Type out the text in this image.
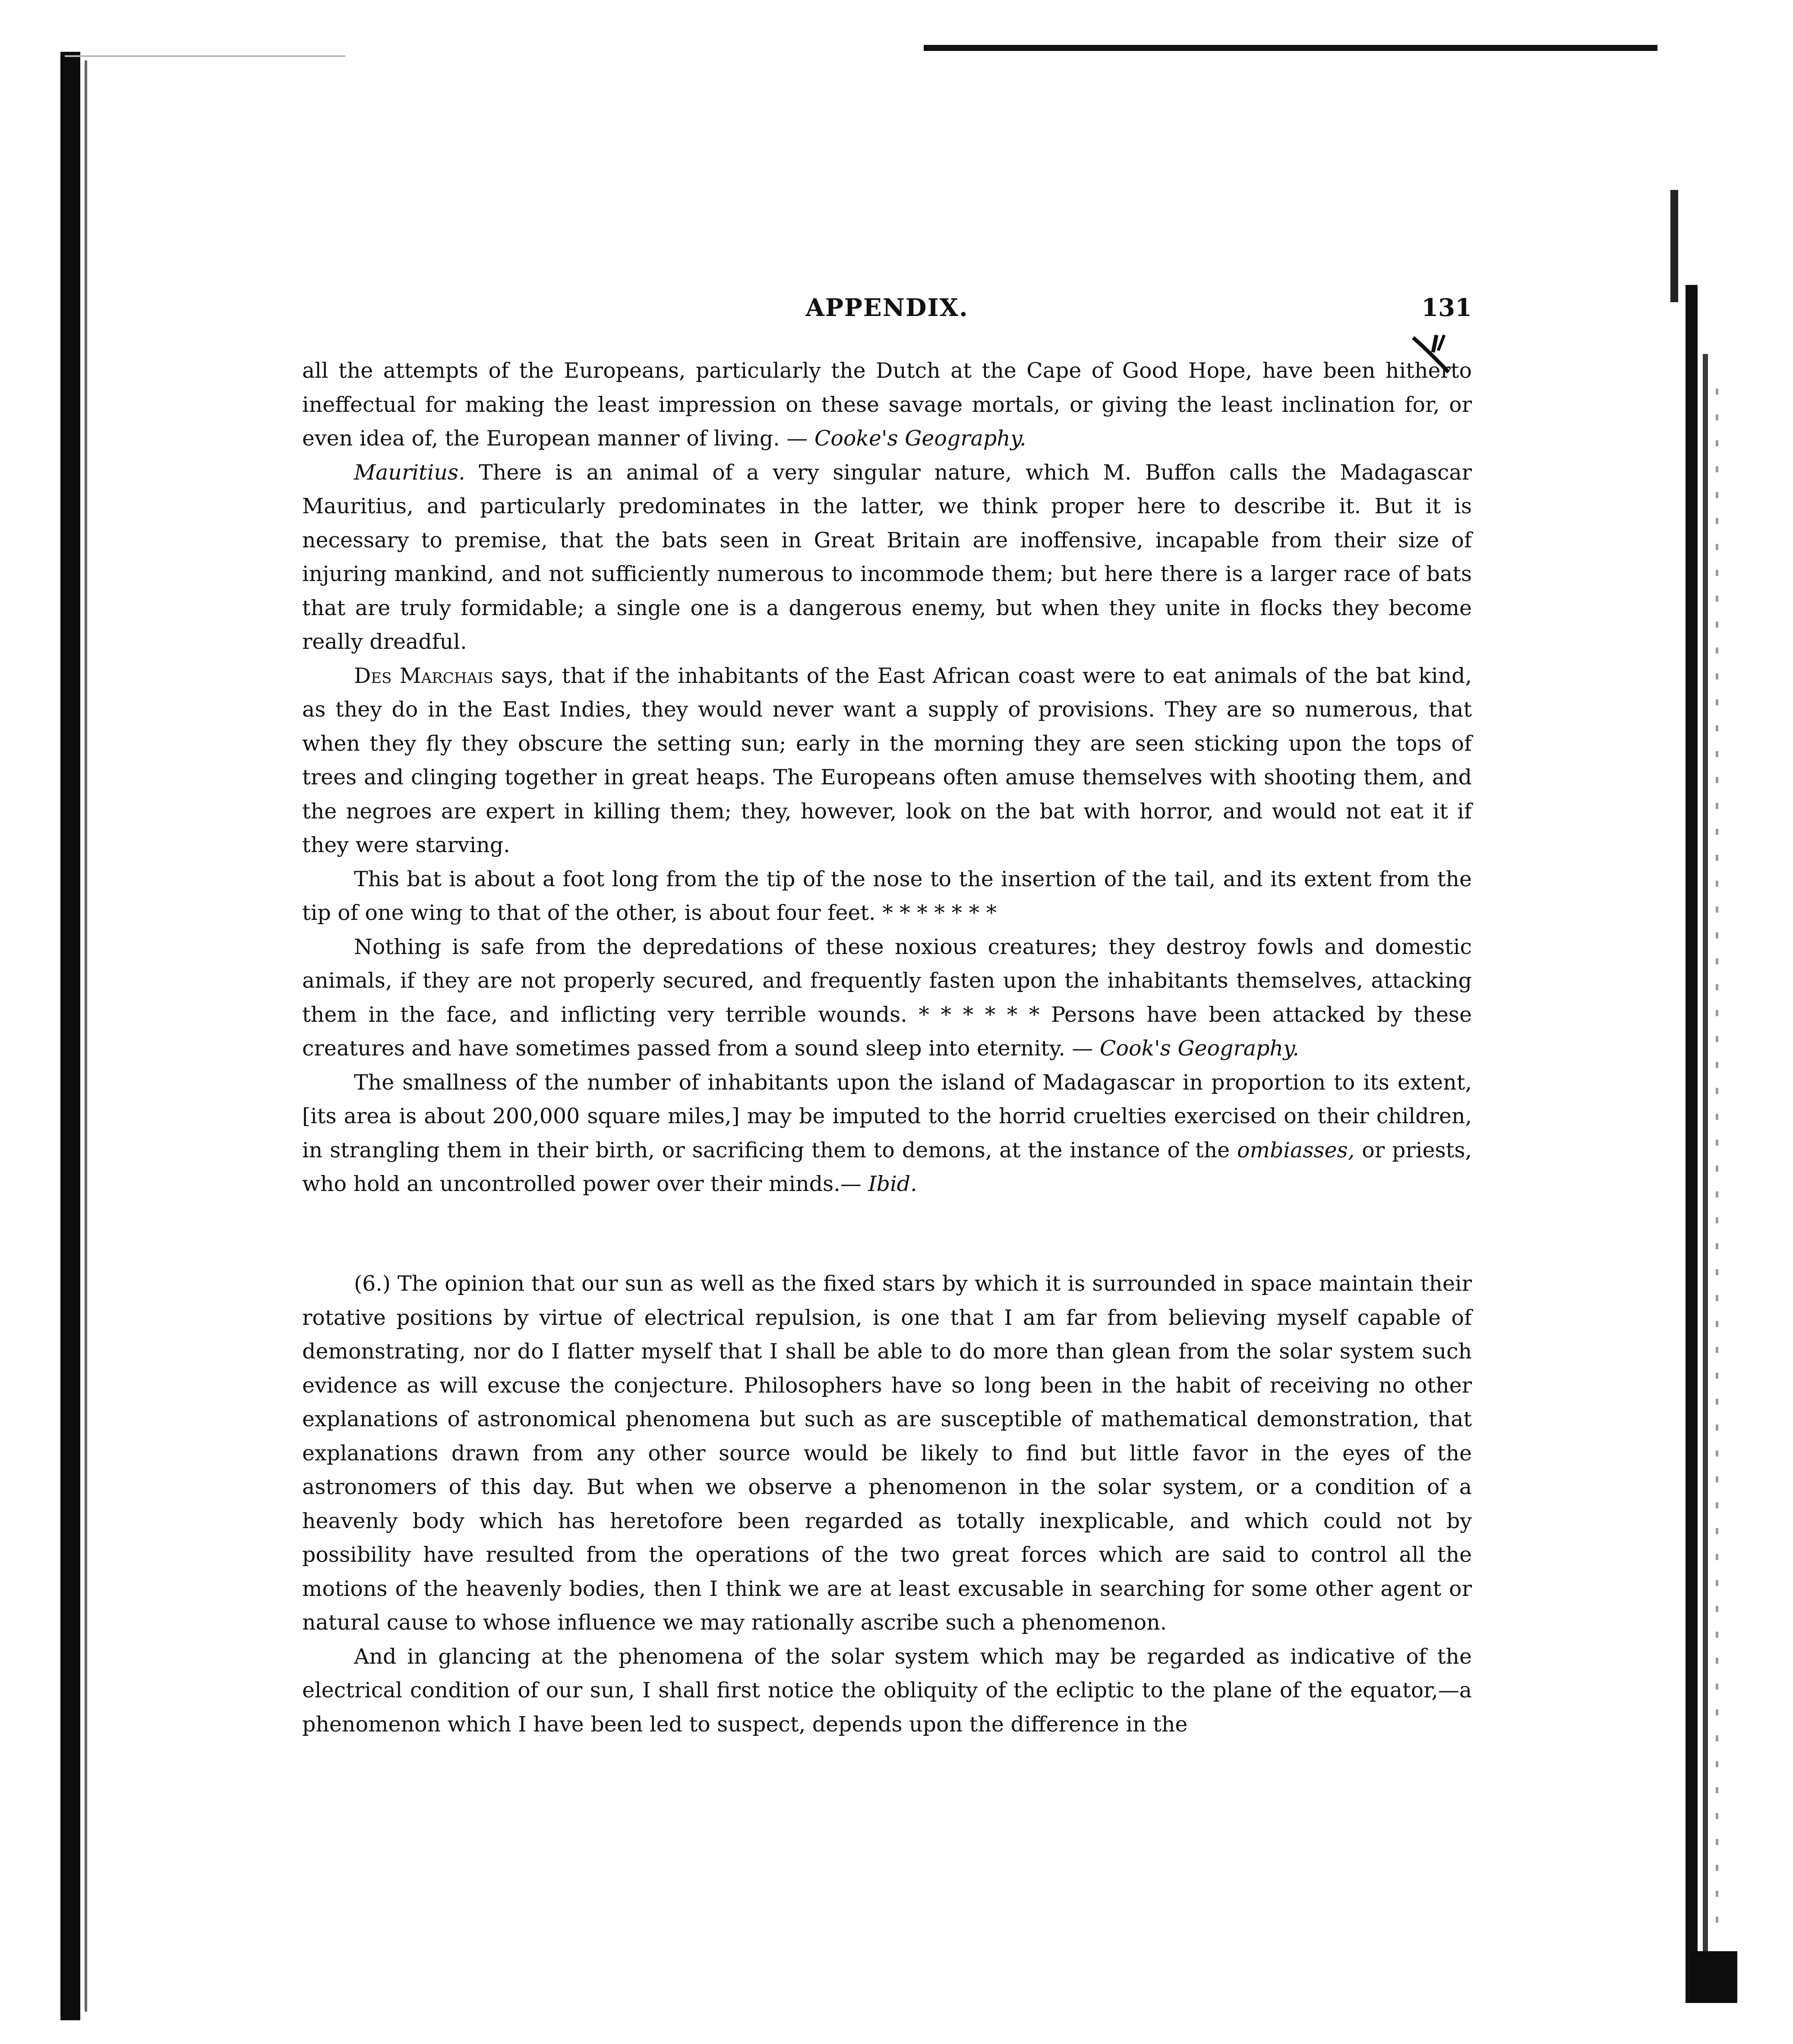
APPENDIX.	131

all the attempts of the Europeans, particularly the Dutch at the Cape of Good Hope, have been hitherto ineffectual for making the least impression on these savage mortals, or giving the least inclination for, or even idea of, the European manner of living. — Cooke's Geography.

Mauritius. There is an animal of a very singular nature, which M. Buffon calls the Madagascar Mauritius, and particularly predominates in the latter, we think proper here to describe it. But it is necessary to premise, that the bats seen in Great Britain are inoffensive, incapable from their size of injuring mankind, and not sufficiently numerous to incommode them; but here there is a larger race of bats that are truly formidable; a single one is a dangerous enemy, but when they unite in flocks they become really dreadful.

Des Marchais says, that if the inhabitants of the East African coast were to eat animals of the bat kind, as they do in the East Indies, they would never want a supply of provisions. They are so numerous, that when they fly they obscure the setting sun; early in the morning they are seen sticking upon the tops of trees and clinging together in great heaps. The Europeans often amuse themselves with shooting them, and the negroes are expert in killing them; they, however, look on the bat with horror, and would not eat it if they were starving.

This bat is about a foot long from the tip of the nose to the insertion of the tail, and its extent from the tip of one wing to that of the other, is about four feet. * * * * * * *

Nothing is safe from the depredations of these noxious creatures; they destroy fowls and domestic animals, if they are not properly secured, and frequently fasten upon the inhabitants themselves, attacking them in the face, and inflicting very terrible wounds. * * * * * * Persons have been attacked by these creatures and have sometimes passed from a sound sleep into eternity. — Cook's Geography.

The smallness of the number of inhabitants upon the island of Madagascar in proportion to its extent, [its area is about 200,000 square miles,] may be imputed to the horrid cruelties exercised on their children, in strangling them in their birth, or sacrificing them to demons, at the instance of the ombiasses, or priests, who hold an uncontrolled power over their minds.— Ibid.

(6.) The opinion that our sun as well as the fixed stars by which it is surrounded in space maintain their rotative positions by virtue of electrical repulsion, is one that I am far from believing myself capable of demonstrating, nor do I flatter myself that I shall be able to do more than glean from the solar system such evidence as will excuse the conjecture. Philosophers have so long been in the habit of receiving no other explanations of astronomical phenomena but such as are susceptible of mathematical demonstration, that explanations drawn from any other source would be likely to find but little favor in the eyes of the astronomers of this day. But when we observe a phenomenon in the solar system, or a condition of a heavenly body which has heretofore been regarded as totally inexplicable, and which could not by possibility have resulted from the operations of the two great forces which are said to control all the motions of the heavenly bodies, then I think we are at least excusable in searching for some other agent or natural cause to whose influence we may rationally ascribe such a phenomenon.

And in glancing at the phenomena of the solar system which may be regarded as indicative of the electrical condition of our sun, I shall first notice the obliquity of the ecliptic to the plane of the equator,—a phenomenon which I have been led to suspect, depends upon the difference in the
